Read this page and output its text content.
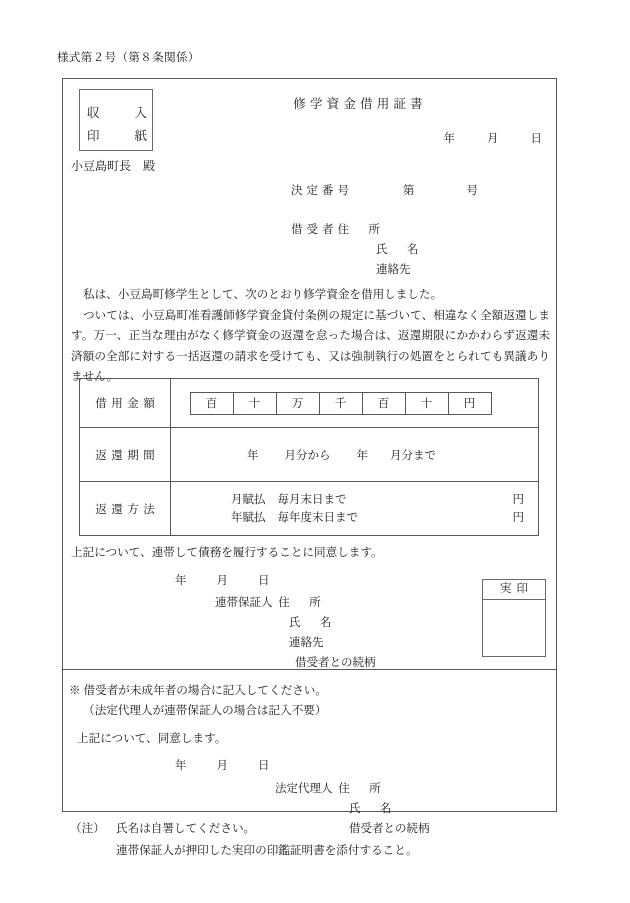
様式第２号（第８条関係）
収	入
印	紙
修学資金借用証書
年	月	日
小豆島町長　殿
決定番号	第	号
借受者住　所
氏　名
連絡先

私は、小豆島町修学生として、次のとおり修学資金を借用しました。

ついては、小豆島町准看護師修学資金貸付条例の規定に基づいて、相違なく全額返還します。万一、正当な理由がなく修学資金の返還を怠った場合は、返還期限にかかわらず返還未済額の全部に対する一括返還の請求を受けても、又は強制執行の処置をとられても異議ありません。

借用金額		百	十	万	千	百	十	円

返還期間	年 月分から 年 月分まで

返還方法	
月賦払 毎月末日まで	円
年賦払 毎年度末日まで	円
上記について、連帯して債務を履行することに同意します。
年	月	日
連帯保証人 住　所
氏　名
連絡先
借受者との続柄
実印
※ 借受者が未成年者の場合に記入してください。
（法定代理人が連帯保証人の場合は記入不要）
上記について、同意します。
年	月	日
法定代理人 住　所
氏　名
借受者との続柄
（注） 氏名は自署してください。
連帯保証人が押印した実印の印鑑証明書を添付すること。
